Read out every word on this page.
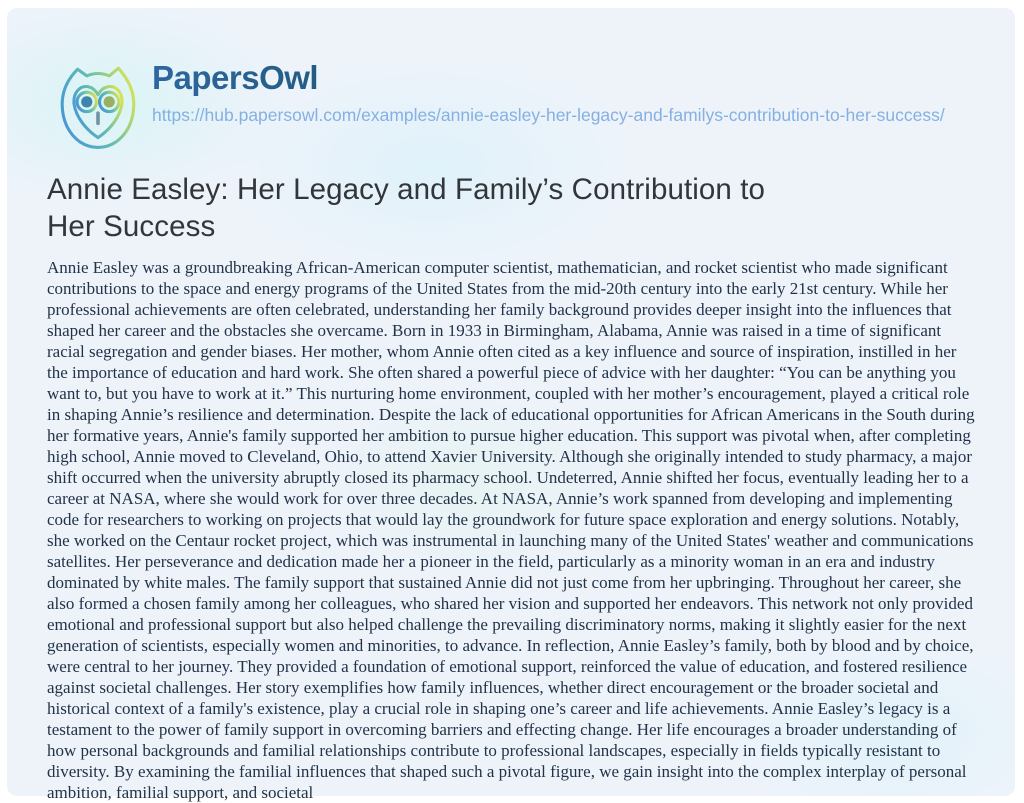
PapersOwl
https://hub.papersowl.com/examples/annie-easley-her-legacy-and-familys-contribution-to-her-success/
Annie Easley: Her Legacy and Family’s Contribution to Her Success

Annie Easley was a groundbreaking African-American computer scientist, mathematician, and rocket scientist who made significant contributions to the space and energy programs of the United States from the mid-20th century into the early 21st century. While her professional achievements are often celebrated, understanding her family background provides deeper insight into the influences that shaped her career and the obstacles she overcame. Born in 1933 in Birmingham, Alabama, Annie was raised in a time of significant racial segregation and gender biases. Her mother, whom Annie often cited as a key influence and source of inspiration, instilled in her the importance of education and hard work. She often shared a powerful piece of advice with her daughter: “You can be anything you want to, but you have to work at it.” This nurturing home environment, coupled with her mother’s encouragement, played a critical role in shaping Annie’s resilience and determination. Despite the lack of educational opportunities for African Americans in the South during her formative years, Annie's family supported her ambition to pursue higher education. This support was pivotal when, after completing high school, Annie moved to Cleveland, Ohio, to attend Xavier University. Although she originally intended to study pharmacy, a major shift occurred when the university abruptly closed its pharmacy school. Undeterred, Annie shifted her focus, eventually leading her to a career at NASA, where she would work for over three decades. At NASA, Annie’s work spanned from developing and implementing code for researchers to working on projects that would lay the groundwork for future space exploration and energy solutions. Notably, she worked on the Centaur rocket project, which was instrumental in launching many of the United States' weather and communications satellites. Her perseverance and dedication made her a pioneer in the field, particularly as a minority woman in an era and industry dominated by white males. The family support that sustained Annie did not just come from her upbringing. Throughout her career, she also formed a chosen family among her colleagues, who shared her vision and supported her endeavors. This network not only provided emotional and professional support but also helped challenge the prevailing discriminatory norms, making it slightly easier for the next generation of scientists, especially women and minorities, to advance. In reflection, Annie Easley’s family, both by blood and by choice, were central to her journey. They provided a foundation of emotional support, reinforced the value of education, and fostered resilience against societal challenges. Her story exemplifies how family influences, whether direct encouragement or the broader societal and historical context of a family's existence, play a crucial role in shaping one’s career and life achievements. Annie Easley’s legacy is a testament to the power of family support in overcoming barriers and effecting change. Her life encourages a broader understanding of how personal backgrounds and familial relationships contribute to professional landscapes, especially in fields typically resistant to diversity. By examining the familial influences that shaped such a pivotal figure, we gain insight into the complex interplay of personal ambition, familial support, and societal
